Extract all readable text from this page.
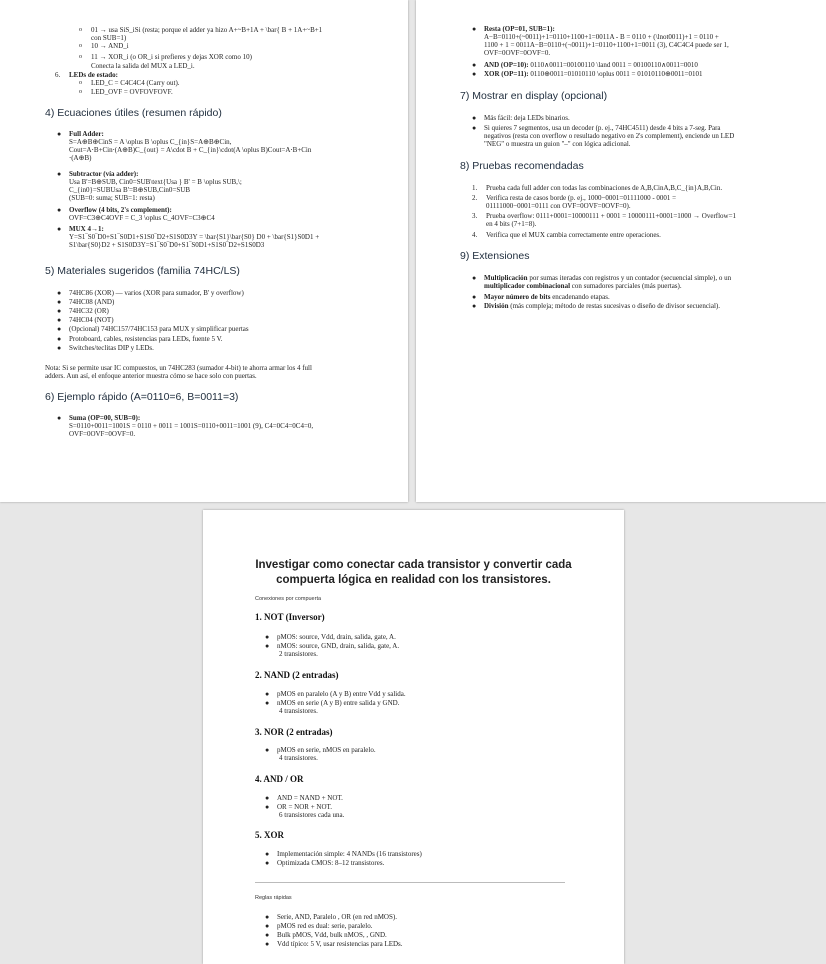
o 01 → usa SiS_iSi (resta; porque el adder ya hizo A+~B+1A + \bar{ B + 1A+~B+1
con SUB=1)
o 10 → AND_i
o 11 → XOR_i (o OR_i si prefieres y dejas XOR como 10)
Conecta la salida del MUX a LED_i.
6. LEDs de estado:
o LED_C = C4C4C4 (Carry out).
o LED_OVF = OVFOVFOVF.
4) Ecuaciones útiles (resumen rápido)
● Full Adder:
S=A⊕B⊕CinS = A \oplus B \oplus C_{in}S=A⊕B⊕Cin,
Cout=A⋅B+Cin⋅(A⊕B)C_{out} = A\cdot B + C_{in}\cdot(A \oplus B)Cout=A⋅B+Cin
⋅(A⊕B)
● Subtractor (vía adder):
Usa B'=B⊕SUB, Cin0=SUB\text{Usa } B' = B \oplus SUB,\;
C_{in0}=SUBUsa B'=B⊕SUB,Cin0=SUB
(SUB=0: suma; SUB=1: resta)
● Overflow (4 bits, 2's complement):
OVF=C3⊕C4OVF = C_3 \oplus C_4OVF=C3⊕C4
● MUX 4→1:
Y=S1‾S0‾D0+S1‾S0D1+S1S0‾D2+S1S0D3Y = \bar{S1}\bar{S0} D0 + \bar{S1}S0D1 +
S1\bar{S0}D2 + S1S0D3Y=S1‾S0‾D0+S1‾S0D1+S1S0‾D2+S1S0D3
5) Materiales sugeridos (familia 74HC/LS)
● 74HC86 (XOR) — varios (XOR para sumador, B' y overflow)
● 74HC08 (AND)
● 74HC32 (OR)
● 74HC04 (NOT)
● (Opcional) 74HC157/74HC153 para MUX y simplificar puertas
● Protoboard, cables, resistencias para LEDs, fuente 5 V.
● Switches/teclitas DIP y LEDs.
Nota: Si se permite usar IC compuestos, un 74HC283 (sumador 4-bit) te ahorra armar los 4 full
adders. Aun así, el enfoque anterior muestra cómo se hace solo con puertas.
6) Ejemplo rápido (A=0110=6, B=0011=3)
● Suma (OP=00, SUB=0):
S=0110+0011=1001S = 0110 + 0011 = 1001S=0110+0011=1001 (9), C4=0C4=0C4=0,
OVF=0OVF=0OVF=0.
● Resta (OP=01, SUB=1):
A−B=0110+(~0011)+1=0110+1100+1=0011A - B = 0110 + (\lnot0011)+1 = 0110 +
1100 + 1 = 0011A−B=0110+(¬0011)+1=0110+1100+1=0011 (3), C4C4C4 puede ser 1,
OVF=0OVF=0OVF=0.
● AND (OP=10): 0110∧0011=00100110 \land 0011 = 00100110∧0011=0010
● XOR (OP=11): 0110⊕0011=01010110 \oplus 0011 = 01010110⊕0011=0101
7) Mostrar en display (opcional)
● Más fácil: deja LEDs binarios.
● Si quieres 7 segmentos, usa un decoder (p. ej., 74HC4511) desde 4 bits a 7-seg. Para
negativos (resta con overflow o resultado negativo en 2's complement), enciende un LED
"NEG" o muestra un guion "–" con lógica adicional.
8) Pruebas recomendadas
1. Prueba cada full adder con todas las combinaciones de A,B,CinA,B,C_{in}A,B,Cin.
2. Verifica resta de casos borde (p. ej., 1000−0001=01111000 - 0001 =
01111000−0001=0111 con OVF=0OVF=0OVF=0).
3. Prueba overflow: 0111+0001=10000111 + 0001 = 10000111+0001=1000 → Overflow=1
en 4 bits (7+1=8).
4. Verifica que el MUX cambia correctamente entre operaciones.
9) Extensiones
● Multiplicación por sumas iteradas con registros y un contador (secuencial simple), o un
multiplicador combinacional con sumadores parciales (más puertas).
● Mayor número de bits encadenando etapas.
● División (más compleja; método de restas sucesivas o diseño de divisor secuencial).
Investigar como conectar cada transistor y convertir cada compuerta lógica en realidad con los transistores.
Conexiones por compuerta
1. NOT (Inversor)
● pMOS: source, Vdd, drain, salida, gate, A.
● nMOS: source, GND, drain, salida, gate, A.
2 transistores.
2. NAND (2 entradas)
● pMOS en paralelo (A y B) entre Vdd y salida.
● nMOS en serie (A y B) entre salida y GND.
4 transistores.
3. NOR (2 entradas)
● pMOS en serie, nMOS en paralelo.
4 transistores.
4. AND / OR
● AND = NAND + NOT.
● OR = NOR + NOT.
6 transistores cada una.
5. XOR
● Implementación simple: 4 NANDs (16 transistores)
● Optimizada CMOS: 8–12 transistores.
Reglas rápidas
● Serie, AND, Paralelo , OR (en red nMOS).
● pMOS red es dual: serie, paralelo.
● Bulk pMOS, Vdd, bulk nMOS, , GND.
● Vdd típico: 5 V, usar resistencias para LEDs.
